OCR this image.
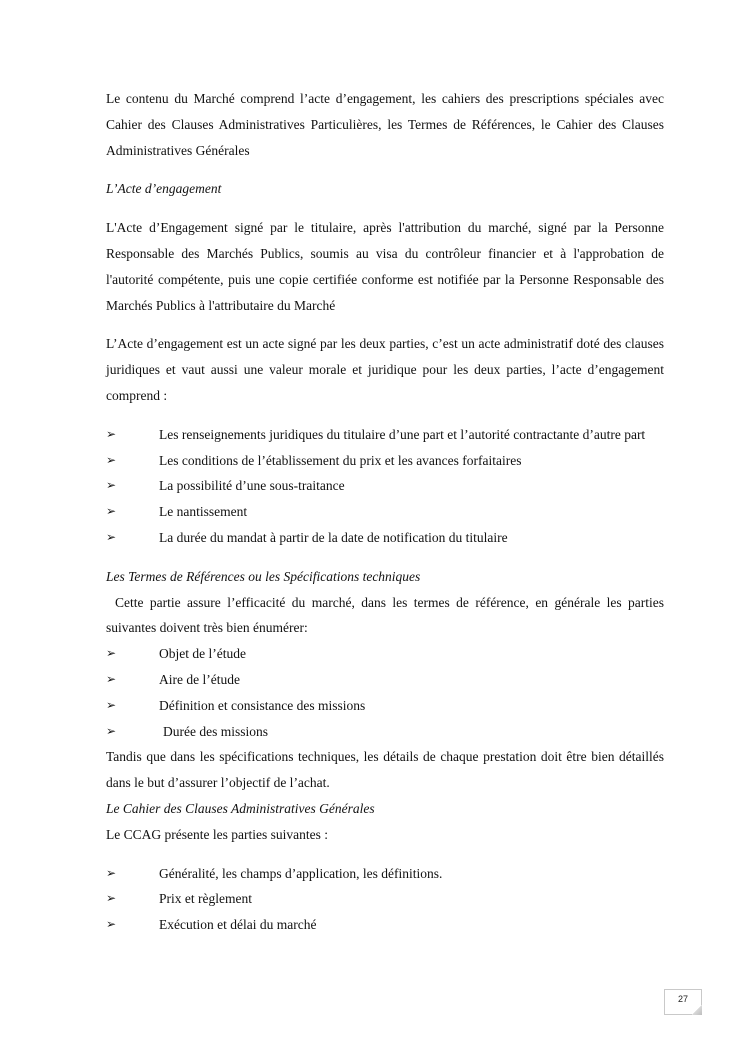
Le contenu du Marché comprend l’acte d’engagement, les cahiers des prescriptions spéciales avec Cahier des Clauses Administratives Particulières, les Termes de Références, le Cahier des Clauses Administratives Générales

L’Acte d’engagement

L'Acte d’Engagement signé par le titulaire, après l'attribution du marché, signé par la Personne Responsable des Marchés Publics, soumis au visa du contrôleur financier et à l'approbation de l'autorité compétente, puis une copie certifiée conforme est notifiée par la Personne Responsable des Marchés Publics à l'attributaire du Marché

L’Acte d’engagement est un acte signé par les deux parties, c’est un acte administratif doté des clauses juridiques et vaut aussi une valeur morale et juridique pour les deux parties, l’acte d’engagement comprend :

➢	Les renseignements juridiques du titulaire d’une part et l’autorité contractante d’autre part
➢	Les conditions de l’établissement du prix et les avances forfaitaires
➢	La possibilité d’une sous-traitance
➢	Le nantissement
➢	La durée du mandat à partir de la date de notification du titulaire

Les Termes de Références ou les Spécifications techniques

Cette partie assure l’efficacité du marché, dans les termes de référence, en générale les parties suivantes doivent très bien énumérer:

➢	Objet de l’étude
➢	Aire de l’étude
➢	Définition et consistance des missions
➢	Durée des missions

Tandis que dans les spécifications techniques, les détails de chaque prestation doit être bien détaillés dans le but d’assurer l’objectif de l’achat.

Le Cahier des Clauses Administratives Générales

Le CCAG présente les parties suivantes :

➢	Généralité, les champs d’application, les définitions.
➢	Prix et règlement
➢	Exécution et délai du marché
27
